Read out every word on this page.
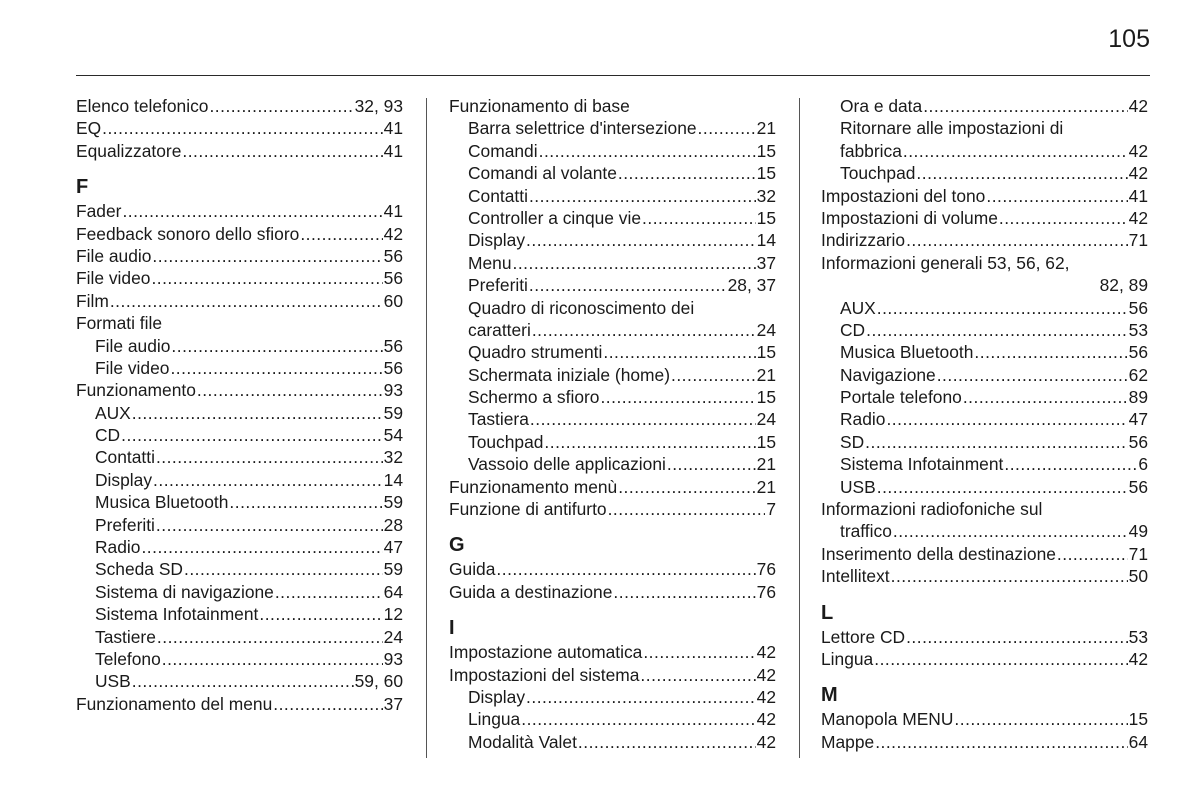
105
Elenco telefonico .....	32, 93
EQ .....	41
Equalizzatore .....	41
F
Fader .....	41
Feedback sonoro dello sfioro .....	42
File audio .....	56
File video .....	56
Film .....	60
Formati file
File audio .....	56
File video .....	56
Funzionamento .....	93
AUX .....	59
CD .....	54
Contatti .....	32
Display .....	14
Musica Bluetooth .....	59
Preferiti .....	28
Radio .....	47
Scheda SD .....	59
Sistema di navigazione .....	64
Sistema Infotainment .....	12
Tastiere .....	24
Telefono .....	93
USB .....	59, 60
Funzionamento del menu .....	37
Funzionamento di base
Barra selettrice d'intersezione .....	21
Comandi .....	15
Comandi al volante .....	15
Contatti .....	32
Controller a cinque vie .....	15
Display .....	14
Menu .....	37
Preferiti .....	28, 37
Quadro di riconoscimento dei
caratteri .....	24
Quadro strumenti .....	15
Schermata iniziale (home) .....	21
Schermo a sfioro .....	15
Tastiera .....	24
Touchpad .....	15
Vassoio delle applicazioni .....	21
Funzionamento menù .....	21
Funzione di antifurto .....	7
G
Guida .....	76
Guida a destinazione .....	76
I
Impostazione automatica .....	42
Impostazioni del sistema .....	42
Display .....	42
Lingua .....	42
Modalità Valet .....	42
Ora e data .....	42
Ritornare alle impostazioni di
fabbrica .....	42
Touchpad .....	42
Impostazioni del tono .....	41
Impostazioni di volume .....	42
Indirizzario .....	71
Informazioni generali 53, 56, 62,
82, 89
AUX .....	56
CD .....	53
Musica Bluetooth .....	56
Navigazione .....	62
Portale telefono .....	89
Radio .....	47
SD .....	56
Sistema Infotainment .....	6
USB .....	56
Informazioni radiofoniche sul
traffico .....	49
Inserimento della destinazione .....	71
Intellitext .....	50
L
Lettore CD .....	53
Lingua .....	42
M
Manopola MENU .....	15
Mappe .....	64
